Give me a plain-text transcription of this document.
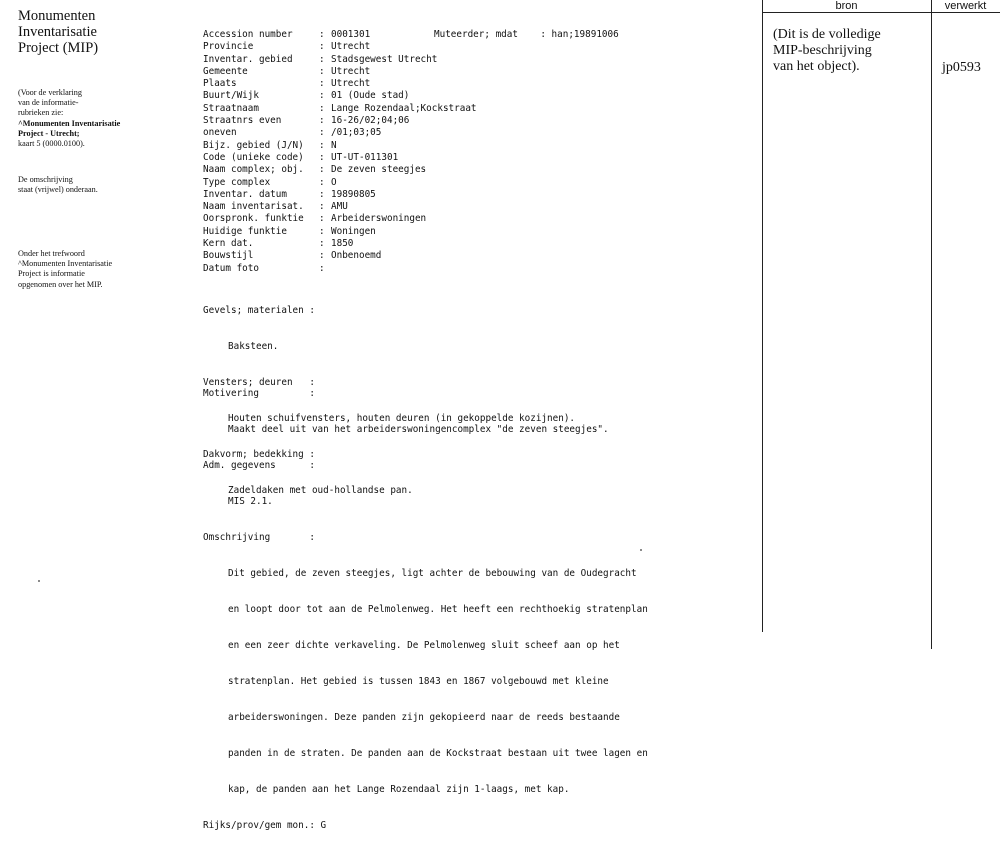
Monumenten
Inventarisatie
Project (MIP)
(Voor de verklaring
van de informatie-
rubrieken zie:
^Monumenten Inventarisatie
Project - Utrecht;
kaart 5 (0000.0100).
De omschrijving
staat (vrijwel) onderaan.
Onder het trefwoord
^Monumenten Inventarisatie
Project is informatie
opgenomen over het MIP.
Accession number	: 0001301
Provincie	: Utrecht
Inventar. gebied	: Stadsgewest Utrecht
Gemeente	: Utrecht
Plaats	: Utrecht
Buurt/Wijk	: 01 (Oude stad)
Straatnaam	: Lange Rozendaal;Kockstraat
Straatnrs even	: 16-26/02;04;06
oneven	: /01;03;05
Bijz. gebied (J/N)	: N
Code (unieke code)	: UT-UT-011301
Naam complex; obj.	: De zeven steegjes
Type complex	: O
Inventar. datum	: 19890805
Naam inventarisat.	: AMU
Oorspronk. funktie	: Arbeiderswoningen
Huidige funktie	: Woningen
Kern dat.	: 1850
Bouwstijl	: Onbenoemd
Datum foto	:
Muteerder; mdat    : han;19891006

Gevels; materialen :

Baksteen.

Vensters; deuren   :

Houten schuifvensters, houten deuren (in gekoppelde kozijnen).

Dakvorm; bedekking :

Zadeldaken met oud-hollandse pan.

Motivering         :

Maakt deel uit van het arbeiderswoningencomplex "de zeven steegjes".

Adm. gegevens      :

MIS 2.1.

Omschrijving       :

Dit gebied, de zeven steegjes, ligt achter de bebouwing van de Oudegracht

en loopt door tot aan de Pelmolenweg. Het heeft een rechthoekig stratenplan

en een zeer dichte verkaveling. De Pelmolenweg sluit scheef aan op het

stratenplan. Het gebied is tussen 1843 en 1867 volgebouwd met kleine

arbeiderswoningen. Deze panden zijn gekopieerd naar de reeds bestaande

panden in de straten. De panden aan de Kockstraat bestaan uit twee lagen en

kap, de panden aan het Lange Rozendaal zijn 1-laags, met kap.

Rijks/prov/gem mon.: G

bron	verwerkt
(Dit is de volledige
MIP-beschrijving
van het object).	jp0593
